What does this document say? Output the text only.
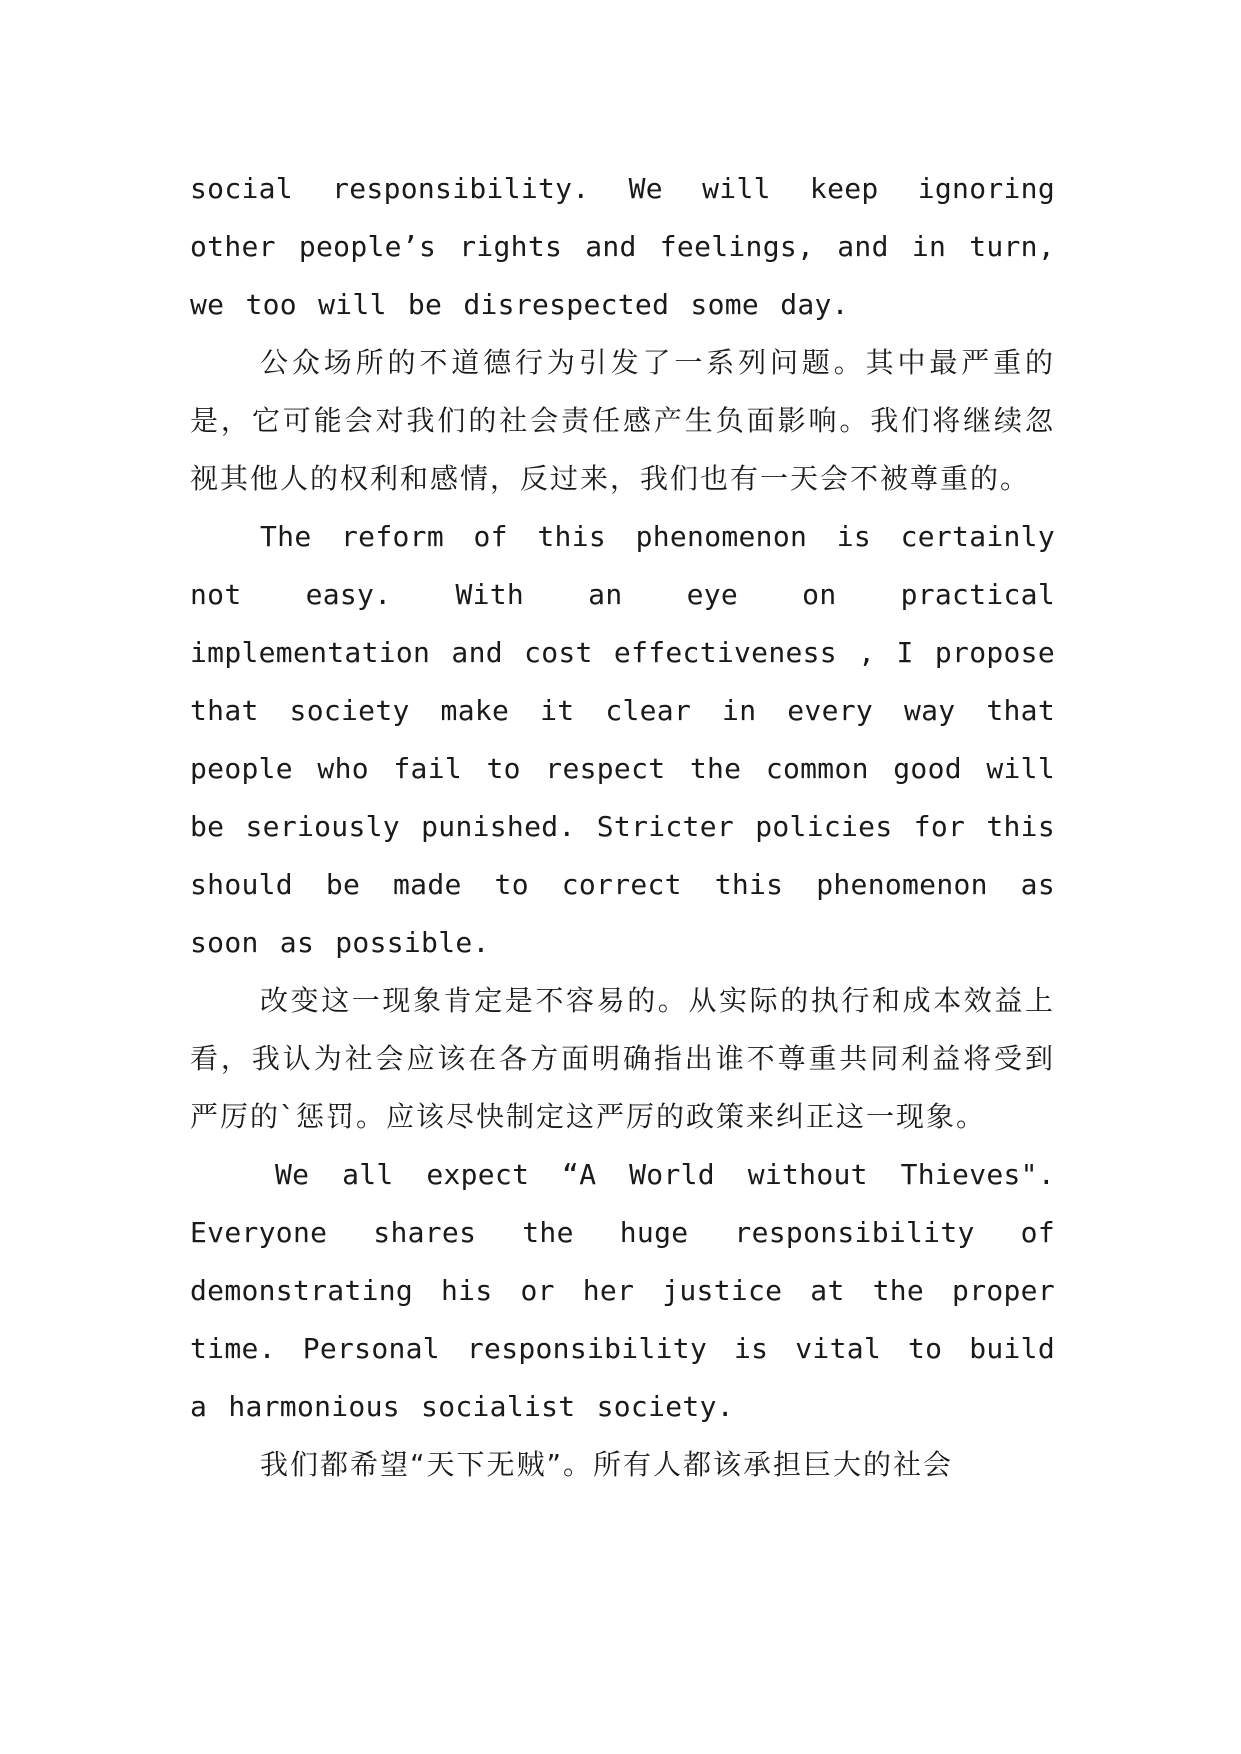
social responsibility. We will keep ignoring other people’s rights and feelings, and in turn, we too will be disrespected some day.

公众场所的不道德行为引发了一系列问题。其中最严重的是，它可能会对我们的社会责任感产生负面影响。我们将继续忽视其他人的权利和感情，反过来，我们也有一天会不被尊重的。

The reform of this phenomenon is certainly not easy. With an eye on practical implementation and cost effectiveness , I propose that society make it clear in every way that people who fail to respect the common good will be seriously punished. Stricter policies for this should be made to correct this phenomenon as soon as possible.

改变这一现象肯定是不容易的。从实际的执行和成本效益上看，我认为社会应该在各方面明确指出谁不尊重共同利益将受到严厉的`惩罚。应该尽快制定这严厉的政策来纠正这一现象。

We all expect “A World without Thieves". Everyone shares the huge responsibility of demonstrating his or her justice at the proper time. Personal responsibility is vital to build a harmonious socialist society.

我们都希望“天下无贼”。所有人都该承担巨大的社会
